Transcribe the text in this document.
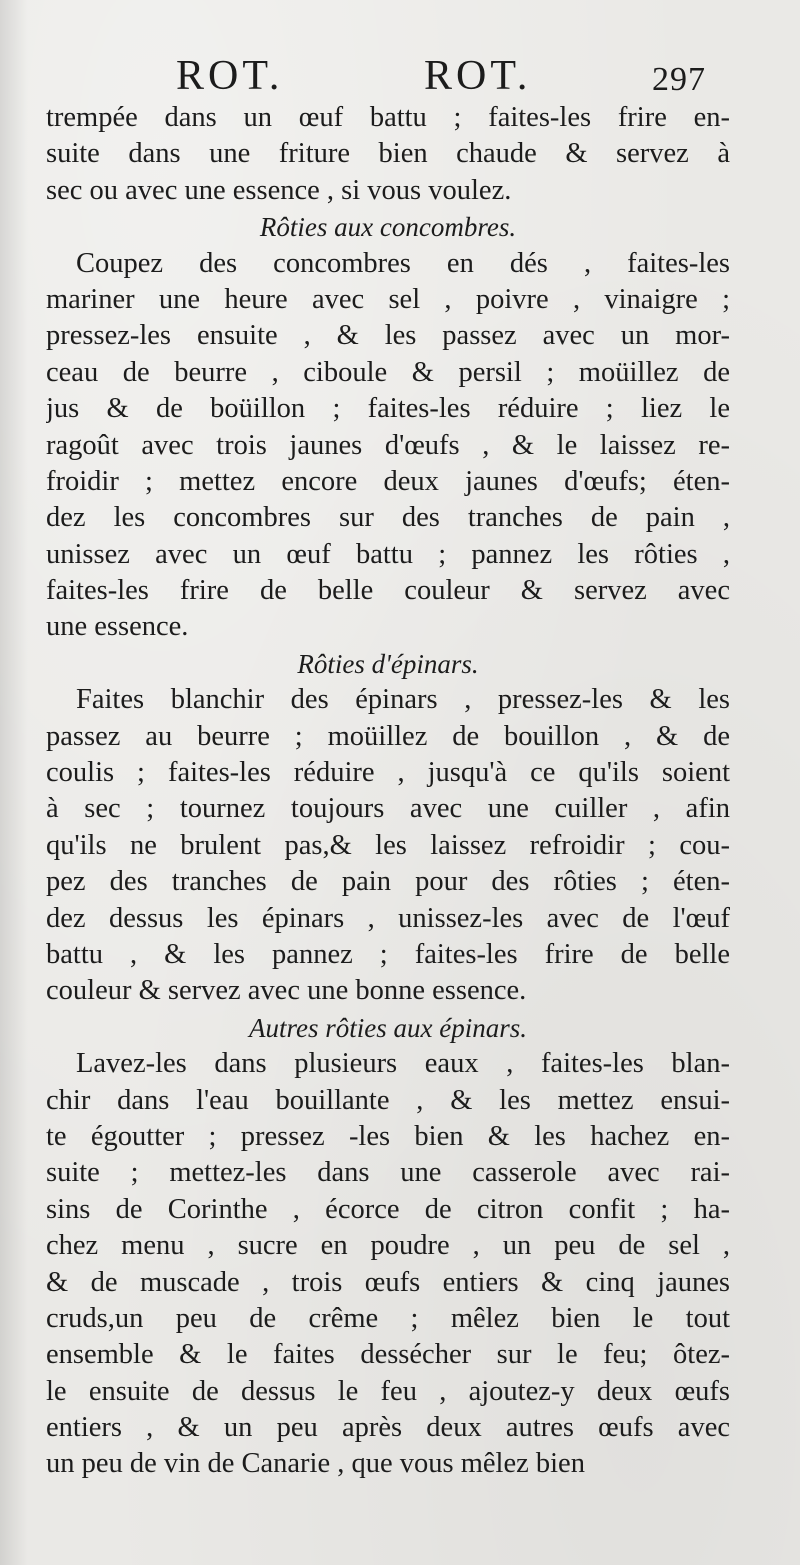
ROT.	ROT.	297
trempée dans un œuf battu ; faites-les frire en-
suite dans une friture bien chaude & servez à
sec ou avec une essence , si vous voulez.
Rôties aux concombres.
Coupez des concombres en dés , faites-les
mariner une heure avec sel , poivre , vinaigre ;
pressez-les ensuite , & les passez avec un mor-
ceau de beurre , ciboule & persil ; moüillez de
jus & de boüillon ; faites-les réduire ; liez le
ragoût avec trois jaunes d'œufs , & le laissez re-
froidir ; mettez encore deux jaunes d'œufs; éten-
dez les concombres sur des tranches de pain ,
unissez avec un œuf battu ; pannez les rôties ,
faites-les frire de belle couleur & servez avec
une essence.
Rôties d'épinars.
Faites blanchir des épinars , pressez-les & les
passez au beurre ; moüillez de bouillon , & de
coulis ; faites-les réduire , jusqu'à ce qu'ils soient
à sec ; tournez toujours avec une cuiller , afin
qu'ils ne brulent pas,& les laissez refroidir ; cou-
pez des tranches de pain pour des rôties ; éten-
dez dessus les épinars , unissez-les avec de l'œuf
battu , & les pannez ; faites-les frire de belle
couleur & servez avec une bonne essence.
Autres rôties aux épinars.
Lavez-les dans plusieurs eaux , faites-les blan-
chir dans l'eau bouillante , & les mettez ensui-
te égoutter ; pressez -les bien & les hachez en-
suite ; mettez-les dans une casserole avec rai-
sins de Corinthe , écorce de citron confit ; ha-
chez menu , sucre en poudre , un peu de sel ,
& de muscade , trois œufs entiers & cinq jaunes
cruds,un peu de crême ; mêlez bien le tout
ensemble & le faites dessécher sur le feu; ôtez-
le ensuite de dessus le feu , ajoutez-y deux œufs
entiers , & un peu après deux autres œufs avec
un peu de vin de Canarie , que vous mêlez bien
